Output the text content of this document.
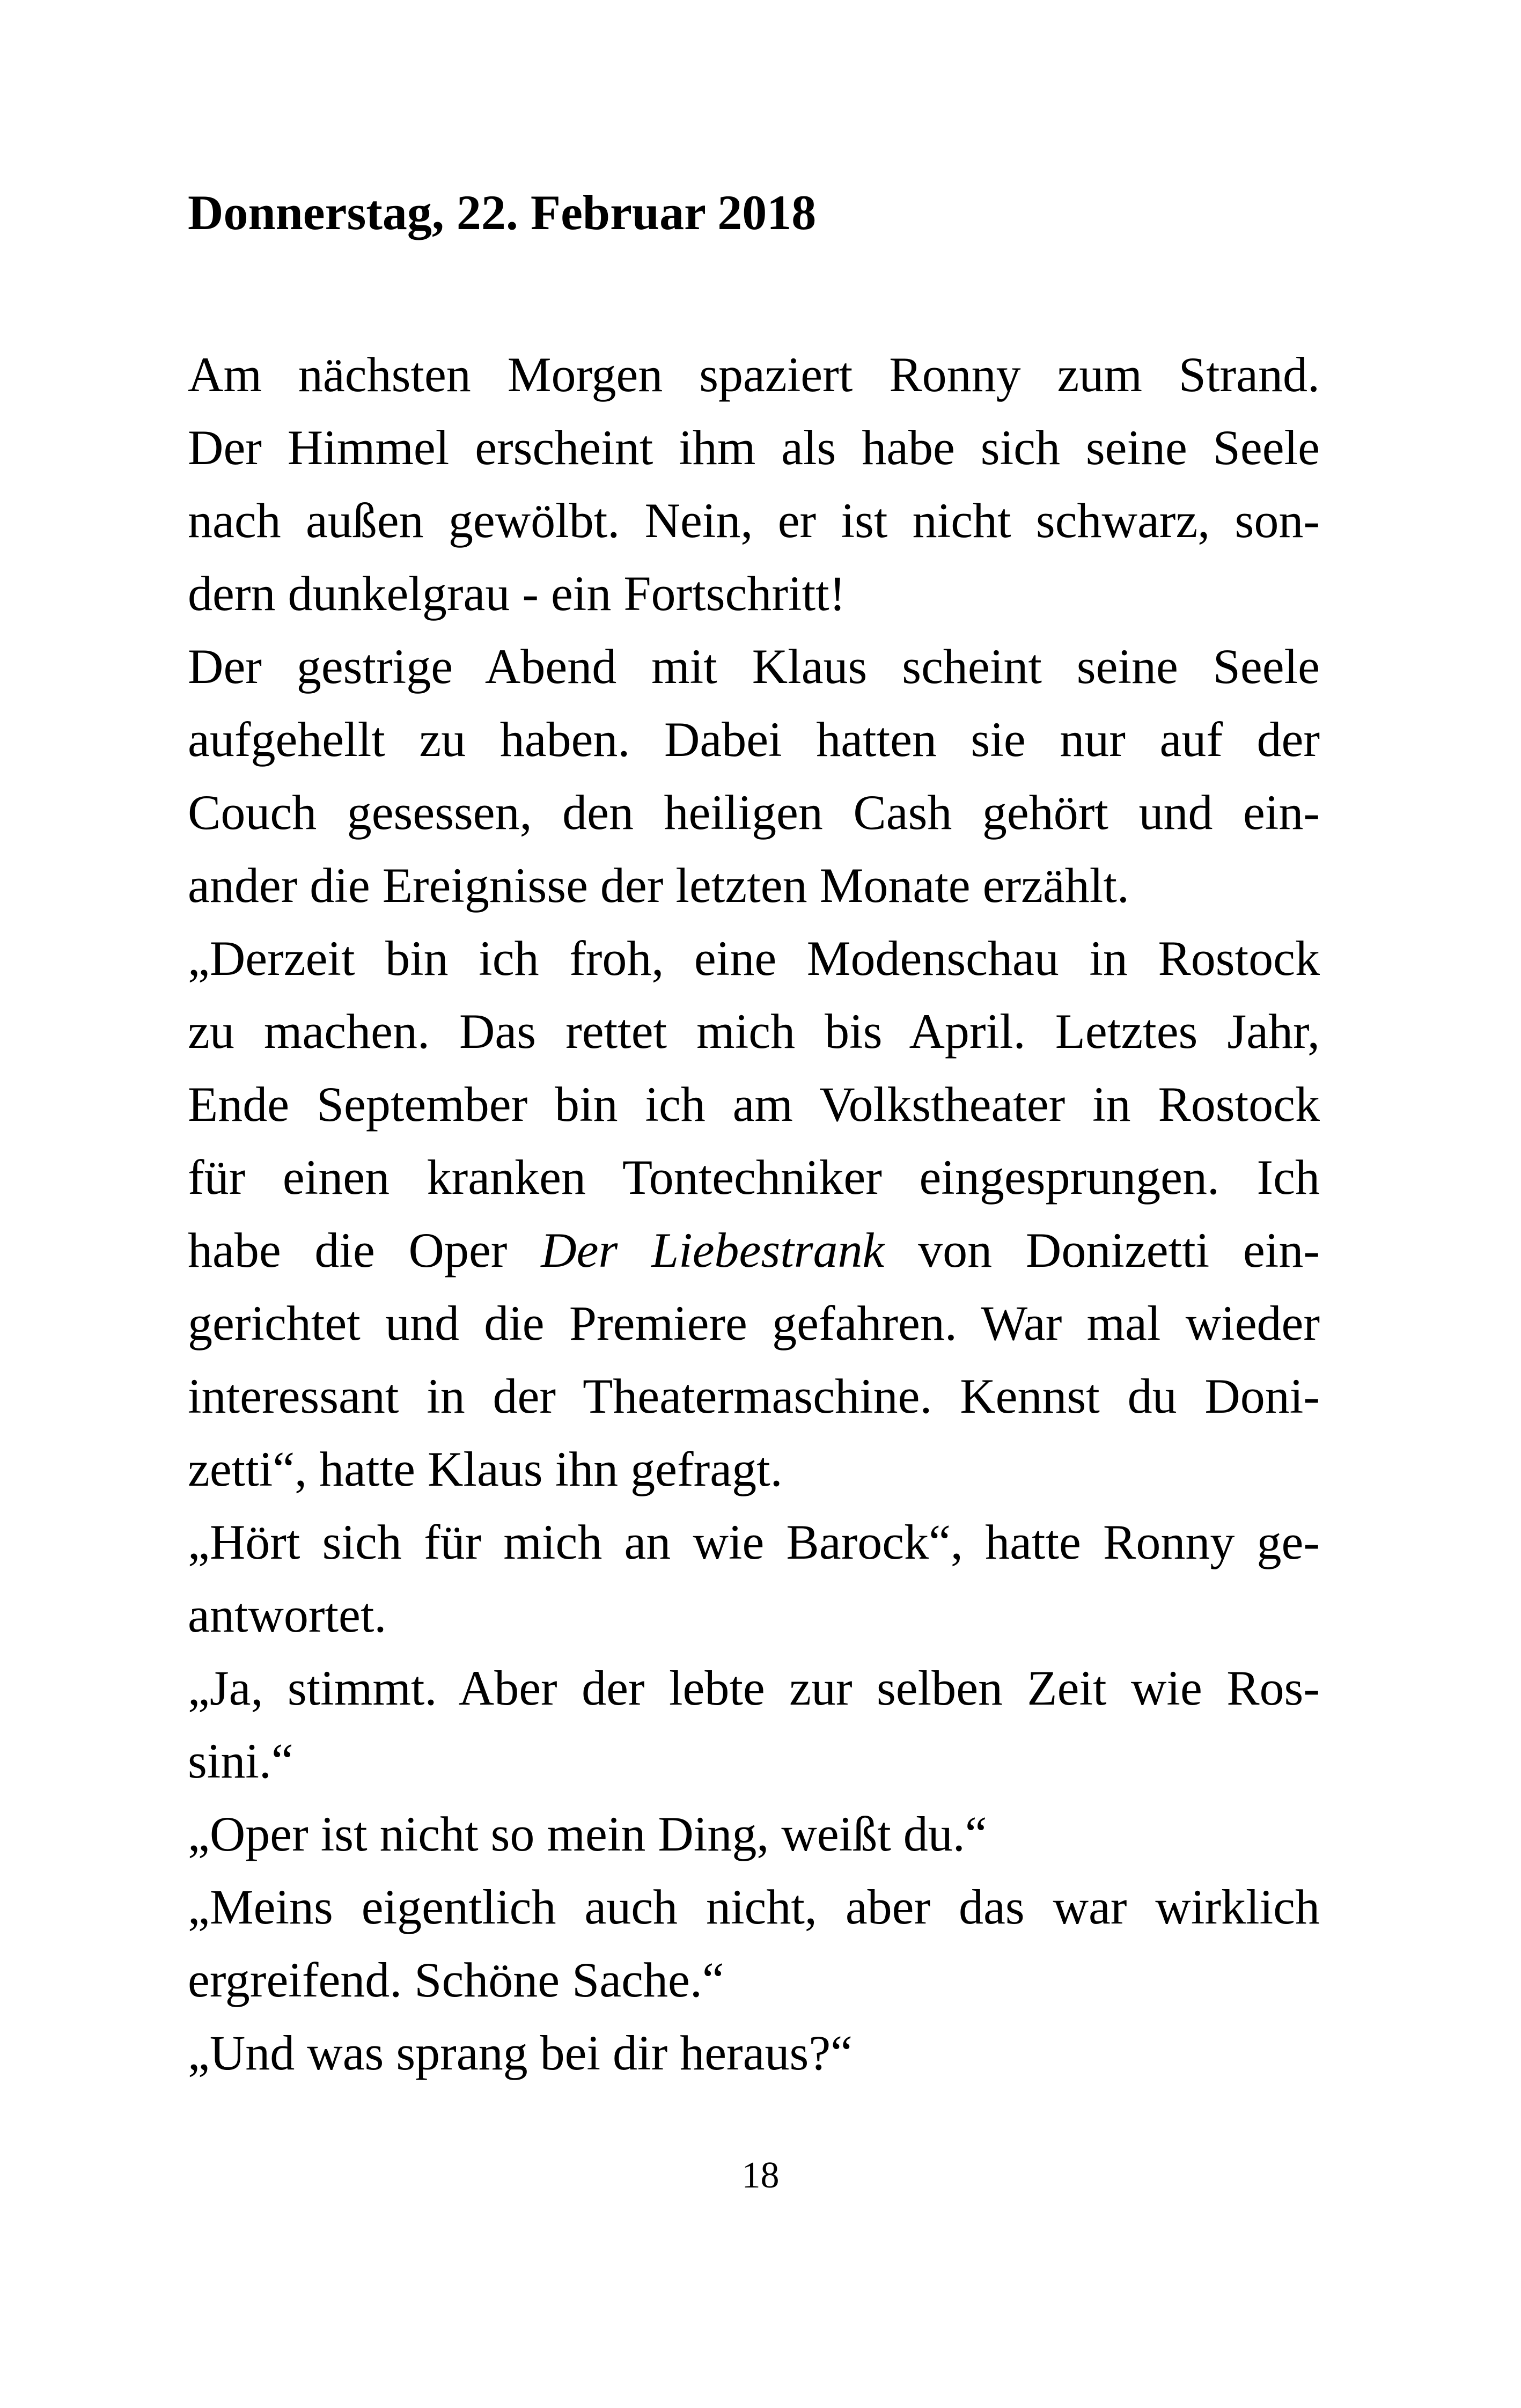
Donnerstag, 22. Februar 2018
Am nächsten Morgen spaziert Ronny zum Strand.
Der Himmel erscheint ihm als habe sich seine Seele
nach außen gewölbt. Nein, er ist nicht schwarz, son-
dern dunkelgrau - ein Fortschritt!
Der gestrige Abend mit Klaus scheint seine Seele
aufgehellt zu haben. Dabei hatten sie nur auf der
Couch gesessen, den heiligen Cash gehört und ein-
ander die Ereignisse der letzten Monate erzählt.
„Derzeit bin ich froh, eine Modenschau in Rostock
zu machen. Das rettet mich bis April. Letztes Jahr,
Ende September bin ich am Volkstheater in Rostock
für einen kranken Tontechniker eingesprungen. Ich
habe die Oper Der Liebestrank von Donizetti ein-
gerichtet und die Premiere gefahren. War mal wieder
interessant in der Theatermaschine. Kennst du Doni-
zetti“, hatte Klaus ihn gefragt.
„Hört sich für mich an wie Barock“, hatte Ronny ge-
antwortet.
„Ja, stimmt. Aber der lebte zur selben Zeit wie Ros-
sini.“
„Oper ist nicht so mein Ding, weißt du.“
„Meins eigentlich auch nicht, aber das war wirklich
ergreifend. Schöne Sache.“
„Und was sprang bei dir heraus?“
18
